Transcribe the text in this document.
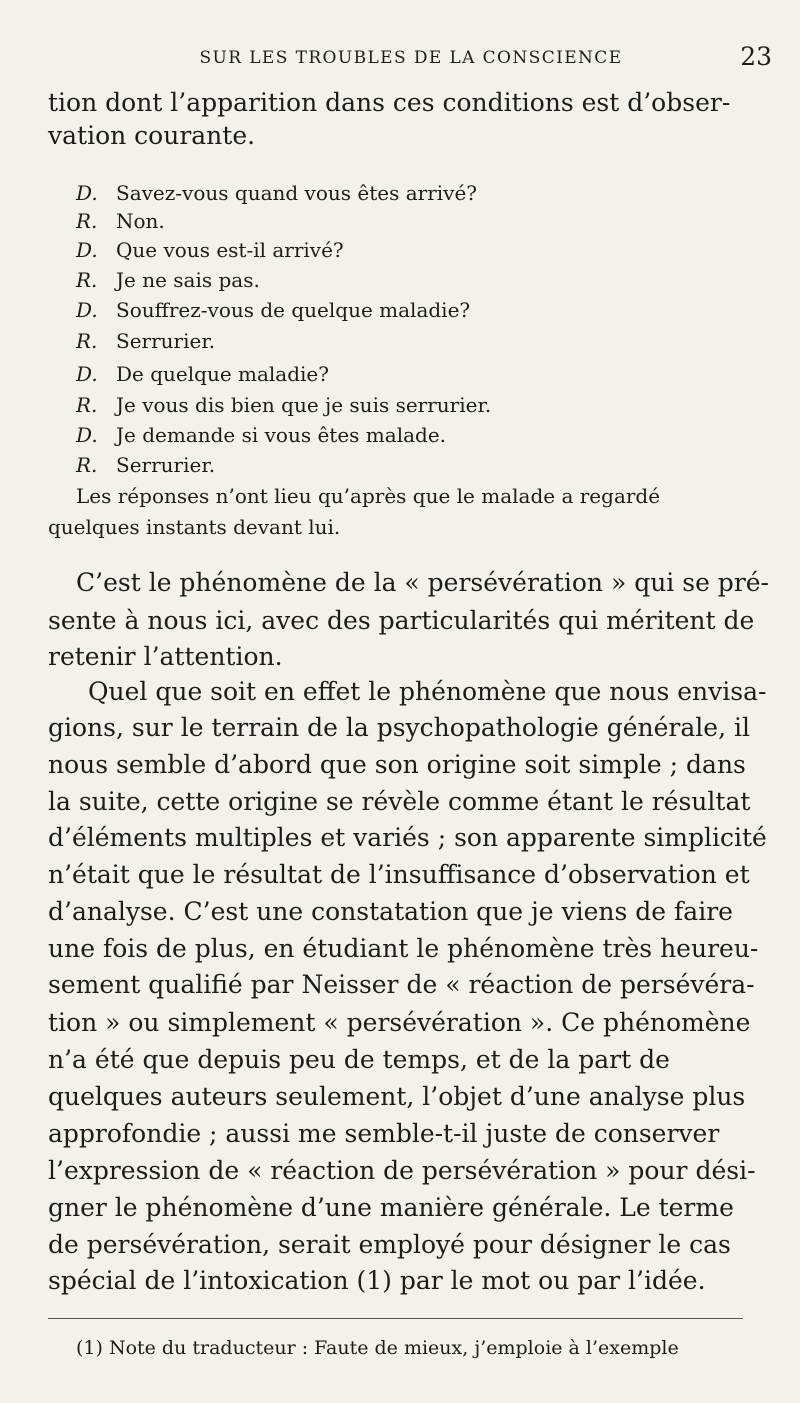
SUR LES TROUBLES DE LA CONSCIENCE	23
tion dont l’apparition dans ces conditions est d’obser-
vation courante.
D. Savez-vous quand vous êtes arrivé?
R. Non.
D. Que vous est-il arrivé?
R. Je ne sais pas.
D. Souffrez-vous de quelque maladie?
R. Serrurier.
D. De quelque maladie?
R. Je vous dis bien que je suis serrurier.
D. Je demande si vous êtes malade.
R. Serrurier.
Les réponses n’ont lieu qu’après que le malade a regardé
quelques instants devant lui.
C’est le phénomène de la « persévération » qui se pré-
sente à nous ici, avec des particularités qui méritent de
retenir l’attention.
Quel que soit en effet le phénomène que nous envisa-
gions, sur le terrain de la psychopathologie générale, il
nous semble d’abord que son origine soit simple ; dans
la suite, cette origine se révèle comme étant le résultat
d’éléments multiples et variés ; son apparente simplicité
n’était que le résultat de l’insuffisance d’observation et
d’analyse. C’est une constatation que je viens de faire
une fois de plus, en étudiant le phénomène très heureu-
sement qualifié par Neisser de « réaction de persévéra-
tion » ou simplement « persévération ». Ce phénomène
n’a été que depuis peu de temps, et de la part de
quelques auteurs seulement, l’objet d’une analyse plus
approfondie ; aussi me semble-t-il juste de conserver
l’expression de « réaction de persévération » pour dési-
gner le phénomène d’une manière générale. Le terme
de persévération, serait employé pour désigner le cas
spécial de l’intoxication (1) par le mot ou par l’idée.
(1) Note du traducteur : Faute de mieux, j’emploie à l’exemple
